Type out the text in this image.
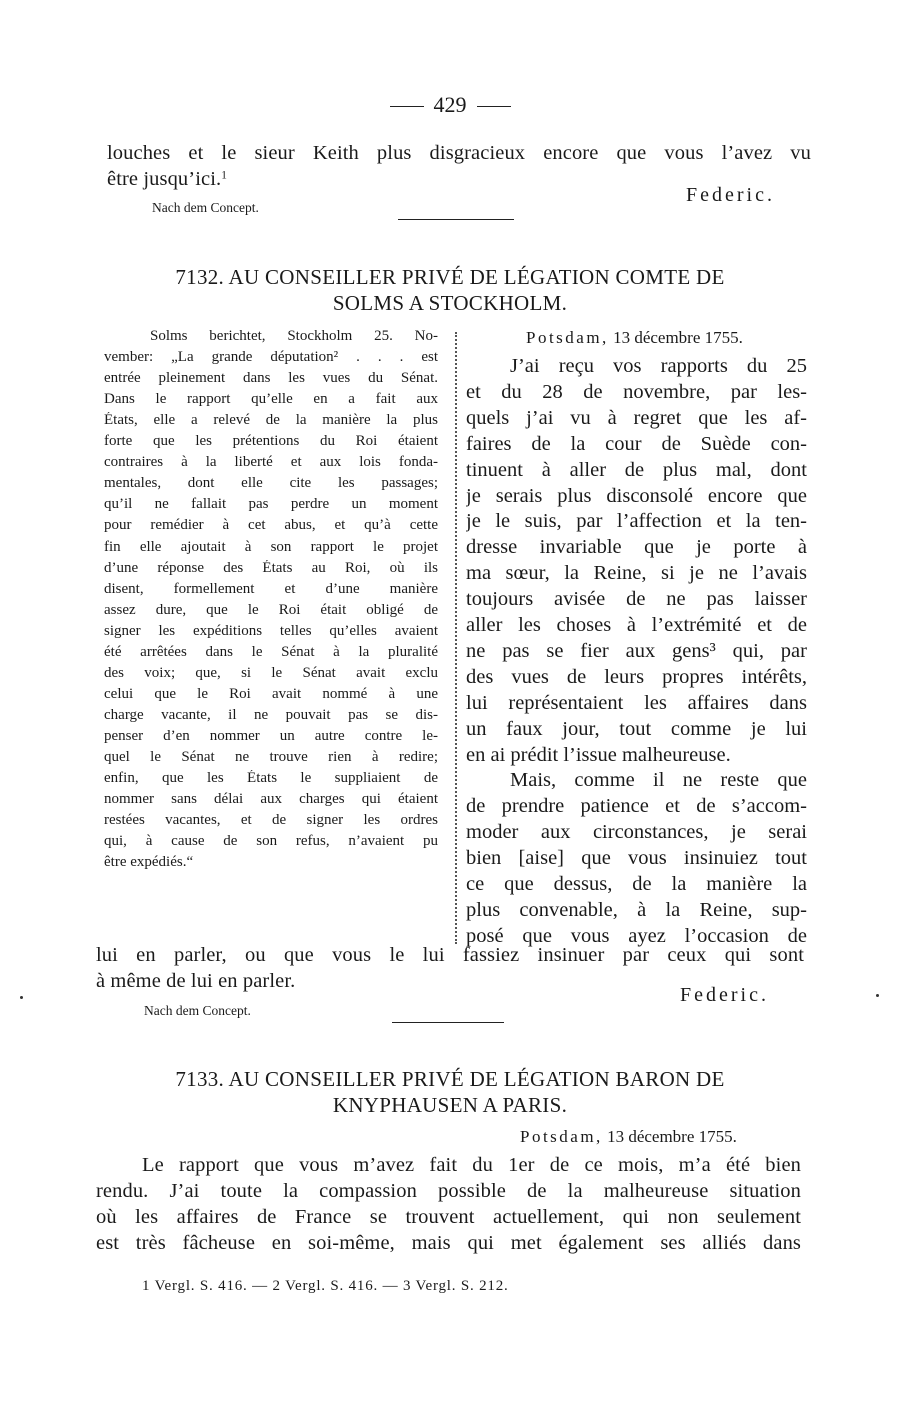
429
louches et le sieur Keith plus disgracieux encore que vous l’avez vu
être jusqu’ici.$^1$
Federic.
Nach dem Concept.
7132. AU CONSEILLER PRIVÉ DE LÉGATION COMTE DE
SOLMS A STOCKHOLM.
Solms berichtet, Stockholm 25. No-
vember: „La grande députation² . . . est
entrée pleinement dans les vues du Sénat.
Dans le rapport qu’elle en a fait aux
États, elle a relevé de la manière la plus
forte que les prétentions du Roi étaient
contraires à la liberté et aux lois fonda-
mentales, dont elle cite les passages;
qu’il ne fallait pas perdre un moment
pour remédier à cet abus, et qu’à cette
fin elle ajoutait à son rapport le projet
d’une réponse des États au Roi, où ils
disent, formellement et d’une manière
assez dure, que le Roi était obligé de
signer les expéditions telles qu’elles avaient
été arrêtées dans le Sénat à la pluralité
des voix; que, si le Sénat avait exclu
celui que le Roi avait nommé à une
charge vacante, il ne pouvait pas se dis-
penser d’en nommer un autre contre le-
quel le Sénat ne trouve rien à redire;
enfin, que les États le suppliaient de
nommer sans délai aux charges qui étaient
restées vacantes, et de signer les ordres
qui, à cause de son refus, n’avaient pu
être expédiés.“
Potsdam, 13 décembre 1755.
J’ai reçu vos rapports du 25
et du 28 de novembre, par les-
quels j’ai vu à regret que les af-
faires de la cour de Suède con-
tinuent à aller de plus mal, dont
je serais plus disconsolé encore que
je le suis, par l’affection et la ten-
dresse invariable que je porte à
ma sœur, la Reine, si je ne l’avais
toujours avisée de ne pas laisser
aller les choses à l’extrémité et de
ne pas se fier aux gens³ qui, par
des vues de leurs propres intérêts,
lui représentaient les affaires dans
un faux jour, tout comme je lui
en ai prédit l’issue malheureuse.
Mais, comme il ne reste que
de prendre patience et de s’accom-
moder aux circonstances, je serai
bien [aise] que vous insinuiez tout
ce que dessus, de la manière la
plus convenable, à la Reine, sup-
posé que vous ayez l’occasion de
lui en parler, ou que vous le lui fassiez insinuer par ceux qui sont
à même de lui en parler.
Federic.
Nach dem Concept.
7133. AU CONSEILLER PRIVÉ DE LÉGATION BARON DE
KNYPHAUSEN A PARIS.
Potsdam, 13 décembre 1755.
Le rapport que vous m’avez fait du 1er de ce mois, m’a été bien
rendu. J’ai toute la compassion possible de la malheureuse situation
où les affaires de France se trouvent actuellement, qui non seulement
est très fâcheuse en soi-même, mais qui met également ses alliés dans
1 Vergl. S. 416. — 2 Vergl. S. 416. — 3 Vergl. S. 212.
